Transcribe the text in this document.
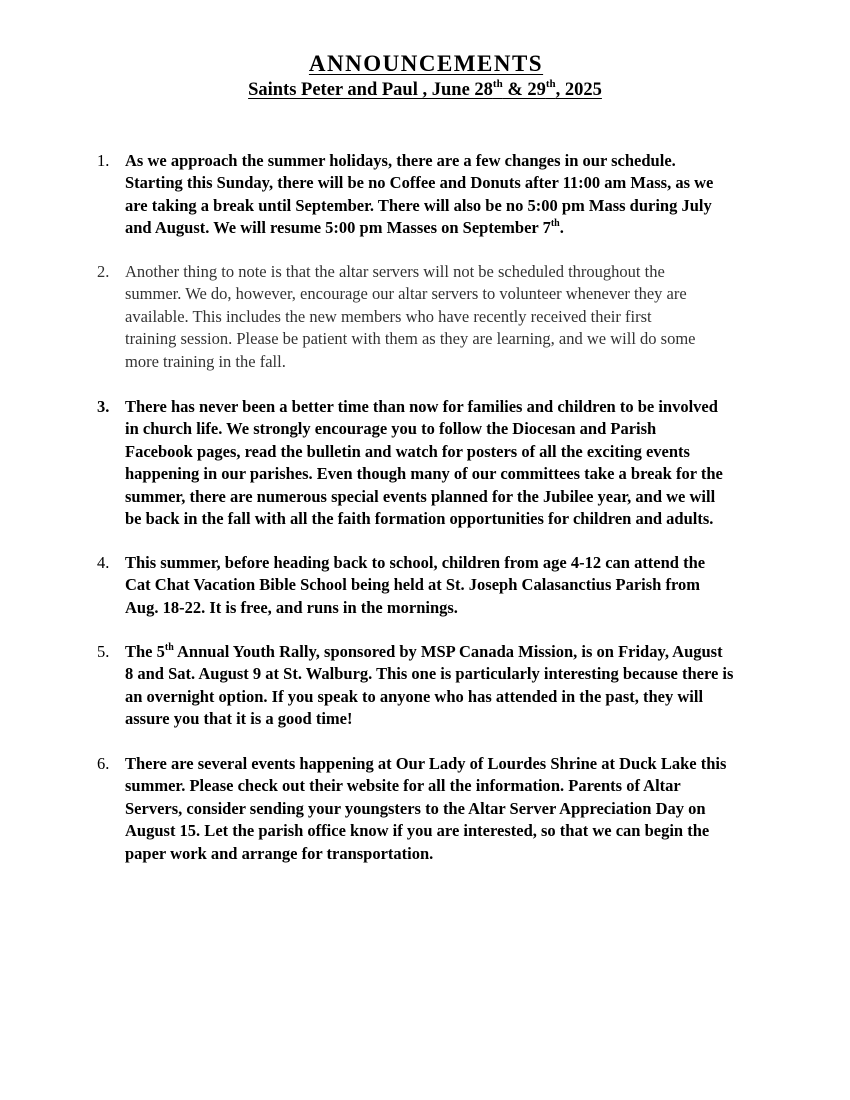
ANNOUNCEMENTS
Saints Peter and Paul , June 28th & 29th, 2025
1. As we approach the summer holidays, there are a few changes in our schedule.
Starting this Sunday, there will be no Coffee and Donuts after 11:00 am Mass, as we
are taking a break until September. There will also be no 5:00 pm Mass during July
and August. We will resume 5:00 pm Masses on September 7th.
2. Another thing to note is that the altar servers will not be scheduled throughout the
summer. We do, however, encourage our altar servers to volunteer whenever they are
available. This includes the new members who have recently received their first
training session. Please be patient with them as they are learning, and we will do some
more training in the fall.
3. There has never been a better time than now for families and children to be involved
in church life. We strongly encourage you to follow the Diocesan and Parish
Facebook pages, read the bulletin and watch for posters of all the exciting events
happening in our parishes. Even though many of our committees take a break for the
summer, there are numerous special events planned for the Jubilee year, and we will
be back in the fall with all the faith formation opportunities for children and adults.
4. This summer, before heading back to school, children from age 4-12 can attend the
Cat Chat Vacation Bible School being held at St. Joseph Calasanctius Parish from
Aug. 18-22. It is free, and runs in the mornings.
5. The 5th Annual Youth Rally, sponsored by MSP Canada Mission, is on Friday, August
8 and Sat. August 9 at St. Walburg. This one is particularly interesting because there is
an overnight option. If you speak to anyone who has attended in the past, they will
assure you that it is a good time!
6. There are several events happening at Our Lady of Lourdes Shrine at Duck Lake this
summer. Please check out their website for all the information. Parents of Altar
Servers, consider sending your youngsters to the Altar Server Appreciation Day on
August 15. Let the parish office know if you are interested, so that we can begin the
paper work and arrange for transportation.
